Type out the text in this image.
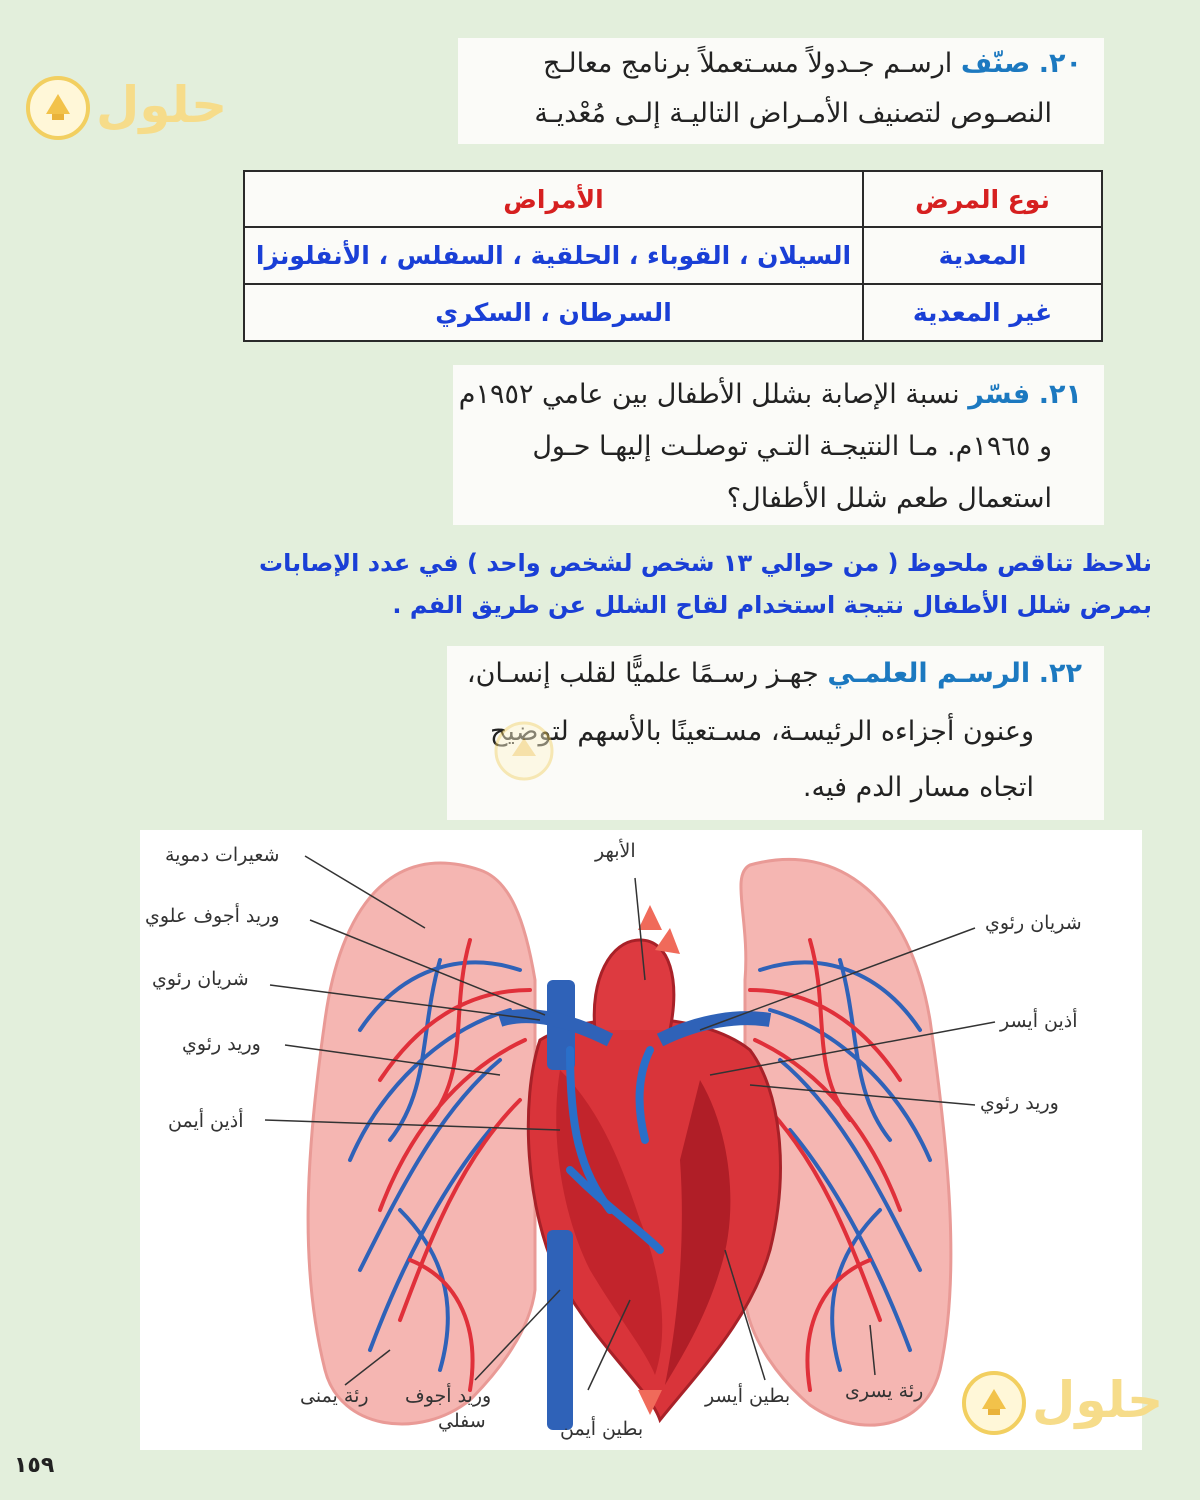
٢٠. صنّف ارسـم جـدولاً مسـتعملاً برنامج معالـج
النصـوص لتصنيف الأمـراض التاليـة إلـى مُعْديـة
نوع المرض	الأمراض
المعدية	السيلان ، القوباء ، الحلقية ، السفلس ، الأنفلونزا
غير المعدية	السرطان ، السكري
٢١. فسّر نسبة الإصابة بشلل الأطفال بين عامي ١٩٥٢م
و ١٩٦٥م. مـا النتيجـة التـي توصلـت إليهـا حـول
استعمال طعم شلل الأطفال؟
نلاحظ تناقص ملحوظ ( من حوالي ١٣ شخص لشخص واحد ) في عدد الإصابات
بمرض شلل الأطفال نتيجة استخدام لقاح الشلل عن طريق الفم .
٢٢. الرسـم العلمـي جهـز رسـمًا علميًّا لقلب إنسـان،
وعنون أجزاءه الرئيسـة، مسـتعينًا بالأسهم لتوضيح
اتجاه مسار الدم فيه.
شعيرات دموية
وريد أجوف علوي
شريان رئوي
وريد رئوي
أذين أيمن
رئة يمنى وريد أجوف
سفلي	بطين أيمن
بطين أيسر	رئة يسرى
الأبهر
شريان رئوي
أذين أيسر
وريد رئوي
حلول
حلول
١٥٩
